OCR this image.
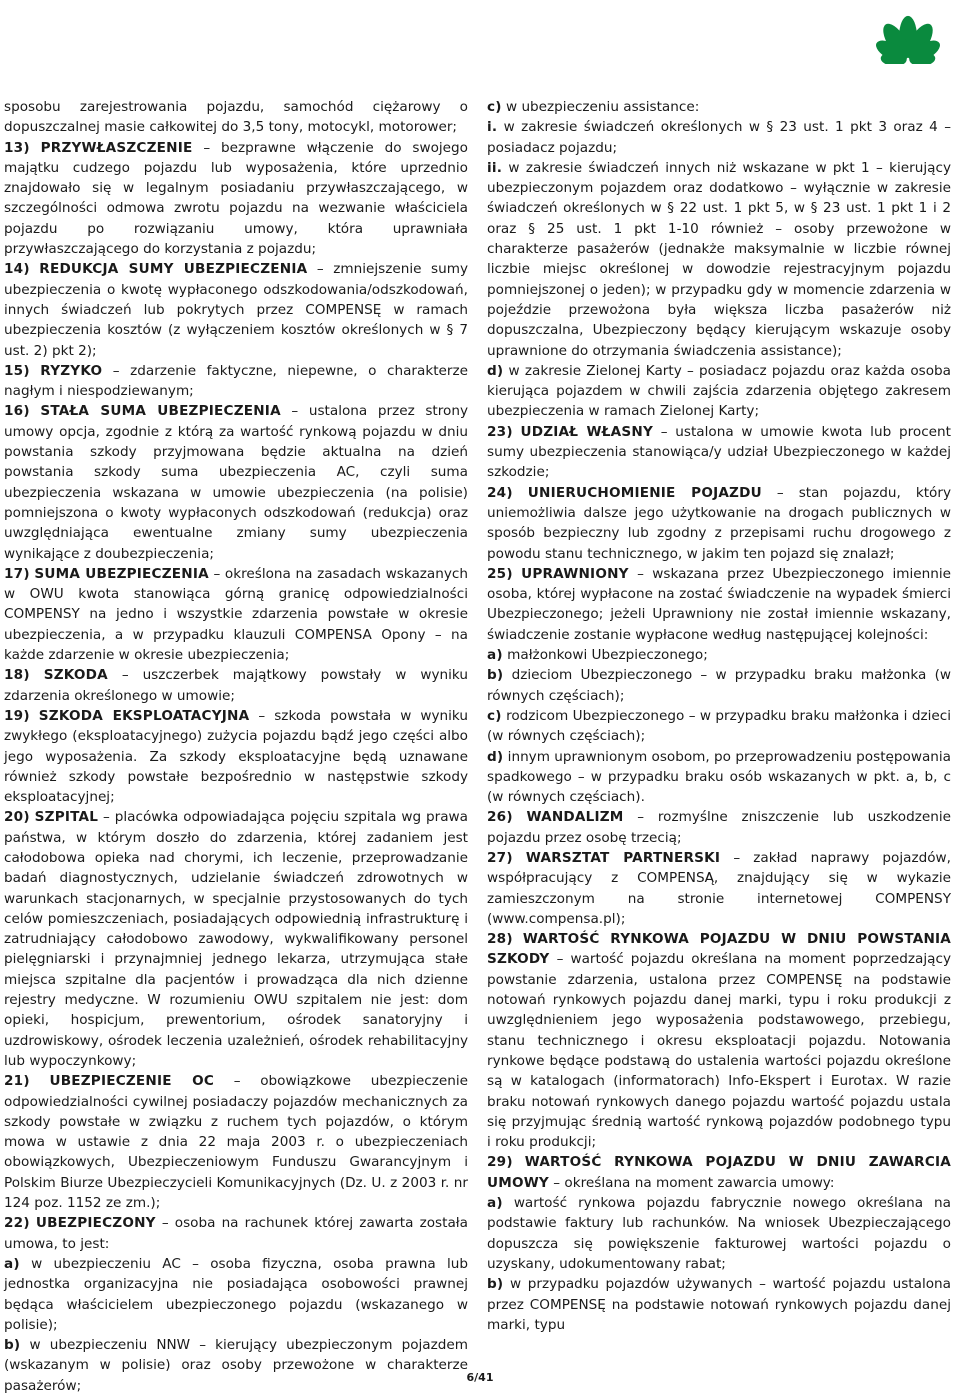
sposobu zarejestrowania pojazdu, samochód ciężarowy o dopuszczalnej masie całkowitej do 3,5 tony, motocykl, motorower;

13) PRZYWŁASZCZENIE – bezprawne włączenie do swojego majątku cudzego pojazdu lub wyposażenia, które uprzednio znajdowało się w legalnym posiadaniu przywłaszczającego, w szczególności odmowa zwrotu pojazdu na wezwanie właściciela pojazdu po rozwiązaniu umowy, która uprawniała przywłaszczającego do korzystania z pojazdu;

14) REDUKCJA SUMY UBEZPIECZENIA – zmniejszenie sumy ubezpieczenia o kwotę wypłaconego odszkodowania/odszkodowań, innych świadczeń lub pokrytych przez COMPENSĘ w ramach ubezpieczenia kosztów (z wyłączeniem kosztów określonych w § 7 ust. 2) pkt 2);

15) RYZYKO – zdarzenie faktyczne, niepewne, o charakterze nagłym i niespodziewanym;

16) STAŁA SUMA UBEZPIECZENIA – ustalona przez strony umowy opcja, zgodnie z którą za wartość rynkową pojazdu w dniu powstania szkody przyjmowana będzie aktualna na dzień powstania szkody suma ubezpieczenia AC, czyli suma ubezpieczenia wskazana w umowie ubezpieczenia (na polisie) pomniejszona o kwoty wypłaconych odszkodowań (redukcja) oraz uwzględniająca ewentualne zmiany sumy ubezpieczenia wynikające z doubezpieczenia;

17) SUMA UBEZPIECZENIA – określona na zasadach wskazanych w OWU kwota stanowiąca górną granicę odpowiedzialności COMPENSY na jedno i wszystkie zdarzenia powstałe w okresie ubezpieczenia, a w przypadku klauzuli COMPENSA Opony – na każde zdarzenie w okresie ubezpieczenia;

18) SZKODA – uszczerbek majątkowy powstały w wyniku zdarzenia określonego w umowie;

19) SZKODA EKSPLOATACYJNA – szkoda powstała w wyniku zwykłego (eksploatacyjnego) zużycia pojazdu bądź jego części albo jego wyposażenia. Za szkody eksploatacyjne będą uznawane również szkody powstałe bezpośrednio w następstwie szkody eksploatacyjnej;

20) SZPITAL – placówka odpowiadająca pojęciu szpitala wg prawa państwa, w którym doszło do zdarzenia, której zadaniem jest całodobowa opieka nad chorymi, ich leczenie, przeprowadzanie badań diagnostycznych, udzielanie świadczeń zdrowotnych w warunkach stacjonarnych, w specjalnie przystosowanych do tych celów pomieszczeniach, posiadających odpowiednią infrastrukturę i zatrudniający całodobowo zawodowy, wykwalifikowany personel pielęgniarski i przynajmniej jednego lekarza, utrzymująca stałe miejsca szpitalne dla pacjentów i prowadząca dla nich dzienne rejestry medyczne. W rozumieniu OWU szpitalem nie jest: dom opieki, hospicjum, prewentorium, ośrodek sanatoryjny i uzdrowiskowy, ośrodek leczenia uzależnień, ośrodek rehabilitacyjny lub wypoczynkowy;

21) UBEZPIECZENIE OC – obowiązkowe ubezpieczenie odpowiedzialności cywilnej posiadaczy pojazdów mechanicznych za szkody powstałe w związku z ruchem tych pojazdów, o którym mowa w ustawie z dnia 22 maja 2003 r. o ubezpieczeniach obowiązkowych, Ubezpieczeniowym Funduszu Gwarancyjnym i Polskim Biurze Ubezpieczycieli Komunikacyjnych (Dz. U. z 2003 r. nr 124 poz. 1152 ze zm.);

22) UBEZPIECZONY – osoba na rachunek której zawarta została umowa, to jest:

a) w ubezpieczeniu AC – osoba fizyczna, osoba prawna lub jednostka organizacyjna nie posiadająca osobowości prawnej będąca właścicielem ubezpieczonego pojazdu (wskazanego w polisie);

b) w ubezpieczeniu NNW – kierujący ubezpieczonym pojazdem (wskazanym w polisie) oraz osoby przewożone w charakterze pasażerów;

c) w ubezpieczeniu assistance:

i. w zakresie świadczeń określonych w § 23 ust. 1 pkt 3 oraz 4 – posiadacz pojazdu;

ii. w zakresie świadczeń innych niż wskazane w pkt 1 – kierujący ubezpieczonym pojazdem oraz dodatkowo – wyłącznie w zakresie świadczeń określonych w § 22 ust. 1 pkt 5, w § 23 ust. 1 pkt 1 i 2 oraz § 25 ust. 1 pkt 1-10 również – osoby przewożone w charakterze pasażerów (jednakże maksymalnie w liczbie równej liczbie miejsc określonej w dowodzie rejestracyjnym pojazdu pomniejszonej o jeden); w przypadku gdy w momencie zdarzenia w pojeździe przewożona była większa liczba pasażerów niż dopuszczalna, Ubezpieczony będący kierującym wskazuje osoby uprawnione do otrzymania świadczenia assistance);

d) w zakresie Zielonej Karty – posiadacz pojazdu oraz każda osoba kierująca pojazdem w chwili zajścia zdarzenia objętego zakresem ubezpieczenia w ramach Zielonej Karty;

23) UDZIAŁ WŁASNY – ustalona w umowie kwota lub procent sumy ubezpieczenia stanowiąca/y udział Ubezpieczonego w każdej szkodzie;

24) UNIERUCHOMIENIE POJAZDU – stan pojazdu, który uniemożliwia dalsze jego użytkowanie na drogach publicznych w sposób bezpieczny lub zgodny z przepisami ruchu drogowego z powodu stanu technicznego, w jakim ten pojazd się znalazł;

25) UPRAWNIONY – wskazana przez Ubezpieczonego imiennie osoba, której wypłacone na zostać świadczenie na wypadek śmierci Ubezpieczonego; jeżeli Uprawniony nie został imiennie wskazany, świadczenie zostanie wypłacone według następującej kolejności:

a) małżonkowi Ubezpieczonego;

b) dzieciom Ubezpieczonego – w przypadku braku małżonka (w równych częściach);

c) rodzicom Ubezpieczonego – w przypadku braku małżonka i dzieci (w równych częściach);

d) innym uprawnionym osobom, po przeprowadzeniu postępowania spadkowego – w przypadku braku osób wskazanych w pkt. a, b, c (w równych częściach).

26) WANDALIZM – rozmyślne zniszczenie lub uszkodzenie pojazdu przez osobę trzecią;

27) WARSZTAT PARTNERSKI – zakład naprawy pojazdów, współpracujący z COMPENSĄ, znajdujący się w wykazie zamieszczonym na stronie internetowej COMPENSY (www.compensa.pl);

28) WARTOŚĆ RYNKOWA POJAZDU W DNIU POWSTANIA SZKODY – wartość pojazdu określana na moment poprzedzający powstanie zdarzenia, ustalona przez COMPENSĘ na podstawie notowań rynkowych pojazdu danej marki, typu i roku produkcji z uwzględnieniem jego wyposażenia podstawowego, przebiegu, stanu technicznego i okresu eksploatacji pojazdu. Notowania rynkowe będące podstawą do ustalenia wartości pojazdu określone są w katalogach (informatorach) Info-Ekspert i Eurotax. W razie braku notowań rynkowych danego pojazdu wartość pojazdu ustala się przyjmując średnią wartość rynkową pojazdów podobnego typu i roku produkcji;

29) WARTOŚĆ RYNKOWA POJAZDU W DNIU ZAWARCIA UMOWY – określana na moment zawarcia umowy:

a) wartość rynkowa pojazdu fabrycznie nowego określana na podstawie faktury lub rachunków. Na wniosek Ubezpieczającego dopuszcza się powiększenie fakturowej wartości pojazdu o uzyskany, udokumentowany rabat;

b) w przypadku pojazdów używanych – wartość pojazdu ustalona przez COMPENSĘ na podstawie notowań rynkowych pojazdu danej marki, typu

6/41
